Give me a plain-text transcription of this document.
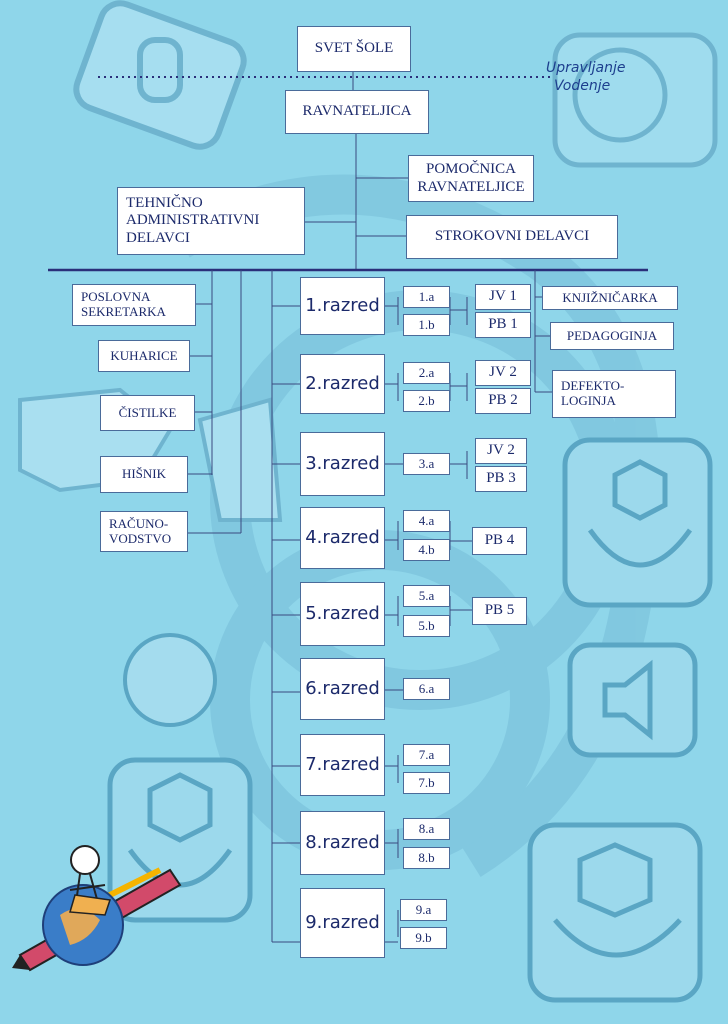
SVET ŠOLE
Upravljanje
Vodenje
RAVNATELJICA
POMOČNICA
RAVNATELJICE
TEHNIČNO
ADMINISTRATIVNI
DELAVCI	STROKOVNI DELAVCI
POSLOVNA
SEKRETARKA
KUHARICE
ČISTILKE
HIŠNIK
RAČUNO-
VODSTVO
KNJIŽNIČARKA
PEDAGOGINJA
DEFEKTO-
LOGINJA
1.razred
2.razred
3.razred
4.razred
5.razred
6.razred
7.razred
8.razred
9.razred
1.a
1.b
2.a
2.b
3.a
4.a
4.b
5.a
5.b
6.a
7.a
7.b
8.a
8.b
9.a
9.b
JV 1
PB 1
JV 2
PB 2
JV 2
PB 3
PB 4
PB 5
